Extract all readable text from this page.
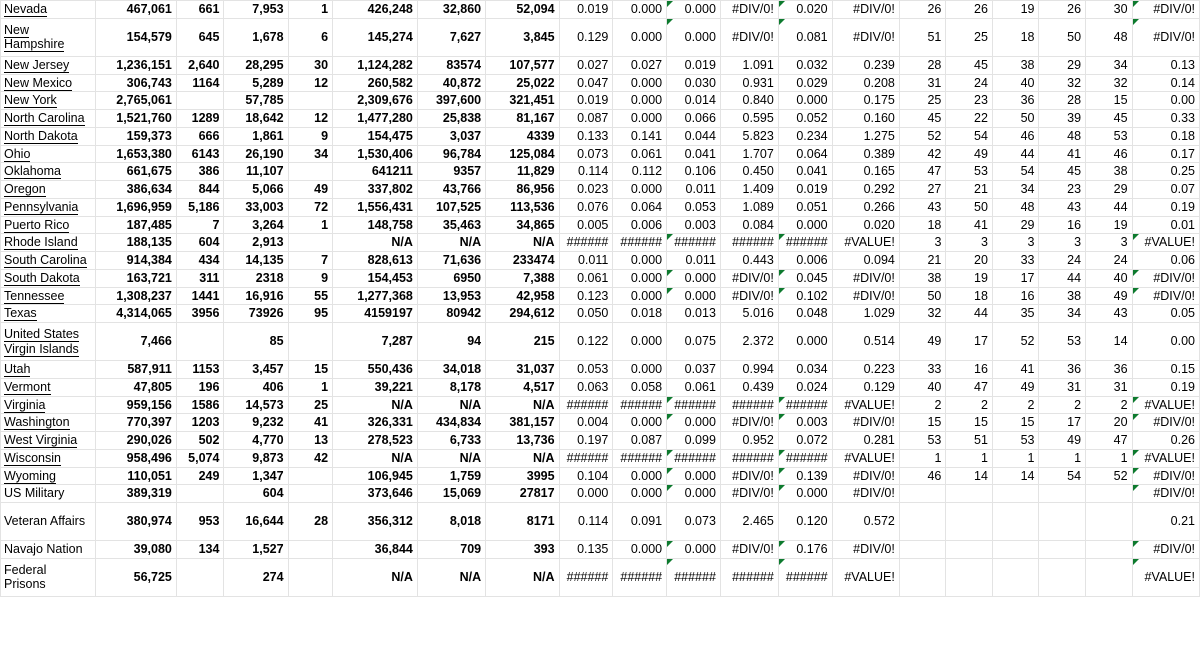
Nevada	467,061	661	7,953	1	426,248	32,860	52,094	0.019	0.000	0.000	#DIV/0!	0.020	#DIV/0!	26	26	19	26	30	#DIV/0!
New Hampshire	154,579	645	1,678	6	145,274	7,627	3,845	0.129	0.000	0.000	#DIV/0!	0.081	#DIV/0!	51	25	18	50	48	#DIV/0!
New Jersey	1,236,151	2,640	28,295	30	1,124,282	83574	107,577	0.027	0.027	0.019	1.091	0.032	0.239	28	45	38	29	34	0.13
New Mexico	306,743	1164	5,289	12	260,582	40,872	25,022	0.047	0.000	0.030	0.931	0.029	0.208	31	24	40	32	32	0.14
New York	2,765,061		57,785		2,309,676	397,600	321,451	0.019	0.000	0.014	0.840	0.000	0.175	25	23	36	28	15	0.00
North Carolina	1,521,760	1289	18,642	12	1,477,280	25,838	81,167	0.087	0.000	0.066	0.595	0.052	0.160	45	22	50	39	45	0.33
North Dakota	159,373	666	1,861	9	154,475	3,037	4339	0.133	0.141	0.044	5.823	0.234	1.275	52	54	46	48	53	0.18
Ohio	1,653,380	6143	26,190	34	1,530,406	96,784	125,084	0.073	0.061	0.041	1.707	0.064	0.389	42	49	44	41	46	0.17
Oklahoma	661,675	386	11,107		641211	9357	11,829	0.114	0.112	0.106	0.450	0.041	0.165	47	53	54	45	38	0.25
Oregon	386,634	844	5,066	49	337,802	43,766	86,956	0.023	0.000	0.011	1.409	0.019	0.292	27	21	34	23	29	0.07
Pennsylvania	1,696,959	5,186	33,003	72	1,556,431	107,525	113,536	0.076	0.064	0.053	1.089	0.051	0.266	43	50	48	43	44	0.19
Puerto Rico	187,485	7	3,264	1	148,758	35,463	34,865	0.005	0.006	0.003	0.084	0.000	0.020	18	41	29	16	19	0.01
Rhode Island	188,135	604	2,913		N/A	N/A	N/A	######	######	######	######	######	#VALUE!	3	3	3	3	3	#VALUE!
South Carolina	914,384	434	14,135	7	828,613	71,636	233474	0.011	0.000	0.011	0.443	0.006	0.094	21	20	33	24	24	0.06
South Dakota	163,721	311	2318	9	154,453	6950	7,388	0.061	0.000	0.000	#DIV/0!	0.045	#DIV/0!	38	19	17	44	40	#DIV/0!
Tennessee	1,308,237	1441	16,916	55	1,277,368	13,953	42,958	0.123	0.000	0.000	#DIV/0!	0.102	#DIV/0!	50	18	16	38	49	#DIV/0!
Texas	4,314,065	3956	73926	95	4159197	80942	294,612	0.050	0.018	0.013	5.016	0.048	1.029	32	44	35	34	43	0.05
United States Virgin Islands	7,466		85		7,287	94	215	0.122	0.000	0.075	2.372	0.000	0.514	49	17	52	53	14	0.00
Utah	587,911	1153	3,457	15	550,436	34,018	31,037	0.053	0.000	0.037	0.994	0.034	0.223	33	16	41	36	36	0.15
Vermont	47,805	196	406	1	39,221	8,178	4,517	0.063	0.058	0.061	0.439	0.024	0.129	40	47	49	31	31	0.19
Virginia	959,156	1586	14,573	25	N/A	N/A	N/A	######	######	######	######	######	#VALUE!	2	2	2	2	2	#VALUE!
Washington	770,397	1203	9,232	41	326,331	434,834	381,157	0.004	0.000	0.000	#DIV/0!	0.003	#DIV/0!	15	15	15	17	20	#DIV/0!
West Virginia	290,026	502	4,770	13	278,523	6,733	13,736	0.197	0.087	0.099	0.952	0.072	0.281	53	51	53	49	47	0.26
Wisconsin	958,496	5,074	9,873	42	N/A	N/A	N/A	######	######	######	######	######	#VALUE!	1	1	1	1	1	#VALUE!
Wyoming	110,051	249	1,347		106,945	1,759	3995	0.104	0.000	0.000	#DIV/0!	0.139	#DIV/0!	46	14	14	54	52	#DIV/0!
US Military	389,319		604		373,646	15,069	27817	0.000	0.000	0.000	#DIV/0!	0.000	#DIV/0!						#DIV/0!
Veteran Affairs	380,974	953	16,644	28	356,312	8,018	8171	0.114	0.091	0.073	2.465	0.120	0.572						0.21
Navajo Nation	39,080	134	1,527		36,844	709	393	0.135	0.000	0.000	#DIV/0!	0.176	#DIV/0!						#DIV/0!
Federal Prisons	56,725		274		N/A	N/A	N/A	######	######	######	######	######	#VALUE!						#VALUE!
